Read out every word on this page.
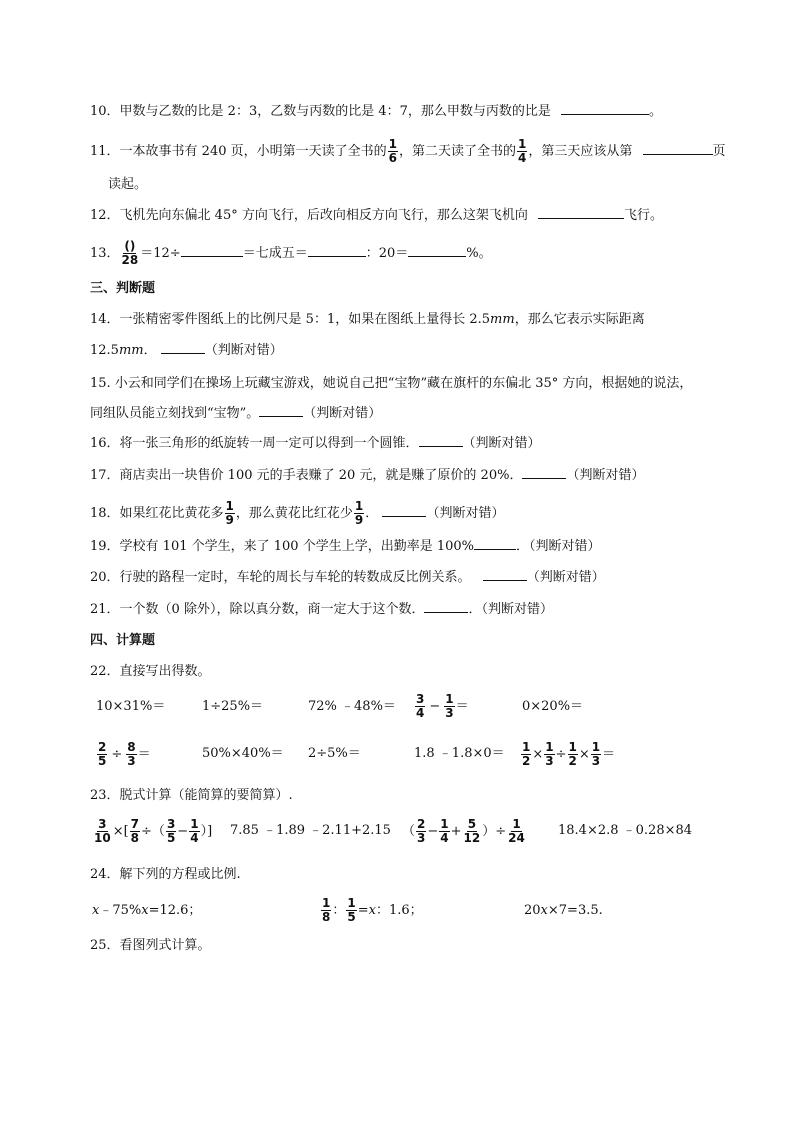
10．甲数与乙数的比是 2：3，乙数与丙数的比是 4：7，那么甲数与丙数的比是	。
11．一本故事书有 240 页，小明第一天读了全书的 $\frac{1}{6}$ ，第二天读了全书的 $\frac{1}{4}$ ，第三天应该从第	页
读起。
12．飞机先向东偏北 45° 方向飞行，后改向相反方向飞行，那么这架飞机向	飞行。
13． $\frac{()}{28} =12\div$	＝七成五＝	：20＝	%。
三、判断题
14．一张精密零件图纸上的比例尺是 5：1，如果在图纸上量得长 2.5mm，那么它表示实际距离
12.5mm．	（判断对错）
15. 小云和同学们在操场上玩藏宝游戏，她说自己把“宝物”藏在旗杆的东偏北 35° 方向，根据她的说法，
同组队员能立刻找到“宝物”。	（判断对错）
16．将一张三角形的纸旋转一周一定可以得到一个圆锥．	（判断对错）
17．商店卖出一块售价 100 元的手表赚了 20 元，就是赚了原价的 20%．	（判断对错）
18．如果红花比黄花多 $\frac{1}{9}$ ，那么黄花比红花少 $\frac{1}{9}$ ．	（判断对错）
19．学校有 101 个学生，来了 100 个学生上学，出勤率是 100%	．（判断对错）
20．行驶的路程一定时，车轮的周长与车轮的转数成反比例关系。	（判断对错）
21．一个数（0 除外），除以真分数，商一定大于这个数．	．（判断对错）
四、计算题
22．直接写出得数。
10×31%＝	1÷25%＝	72% ﹣48%＝ $\frac{3}{4} - \frac{1}{3}$ ＝	0×20%＝
$\frac{2}{5} \div \frac{8}{3}$ ＝	50%×40%＝ 2÷5%＝	1.8 ﹣1.8×0＝ $\frac{1}{2} \times \frac{1}{3} \div \frac{1}{2} \times \frac{1}{3}$ ＝
23．脱式计算（能简算的要简算）.
$\frac{3}{10}$ ×[ $\frac{7}{8}$ ÷（ $\frac{3}{5} - \frac{1}{4}$ ）] 7.85 ﹣1.89 ﹣2.11+2.15 （ $\frac{2}{3} - \frac{1}{4} + \frac{5}{12}$ ）÷ $\frac{1}{24} 18.4\times 2.8$ ﹣0.28×84
24．解下列的方程或比例.
x﹣75%x=12.6；	$\frac{1}{8}$ ： $\frac{1}{5} =x$：1.6；	20x×7=3.5.
25．看图列式计算。
